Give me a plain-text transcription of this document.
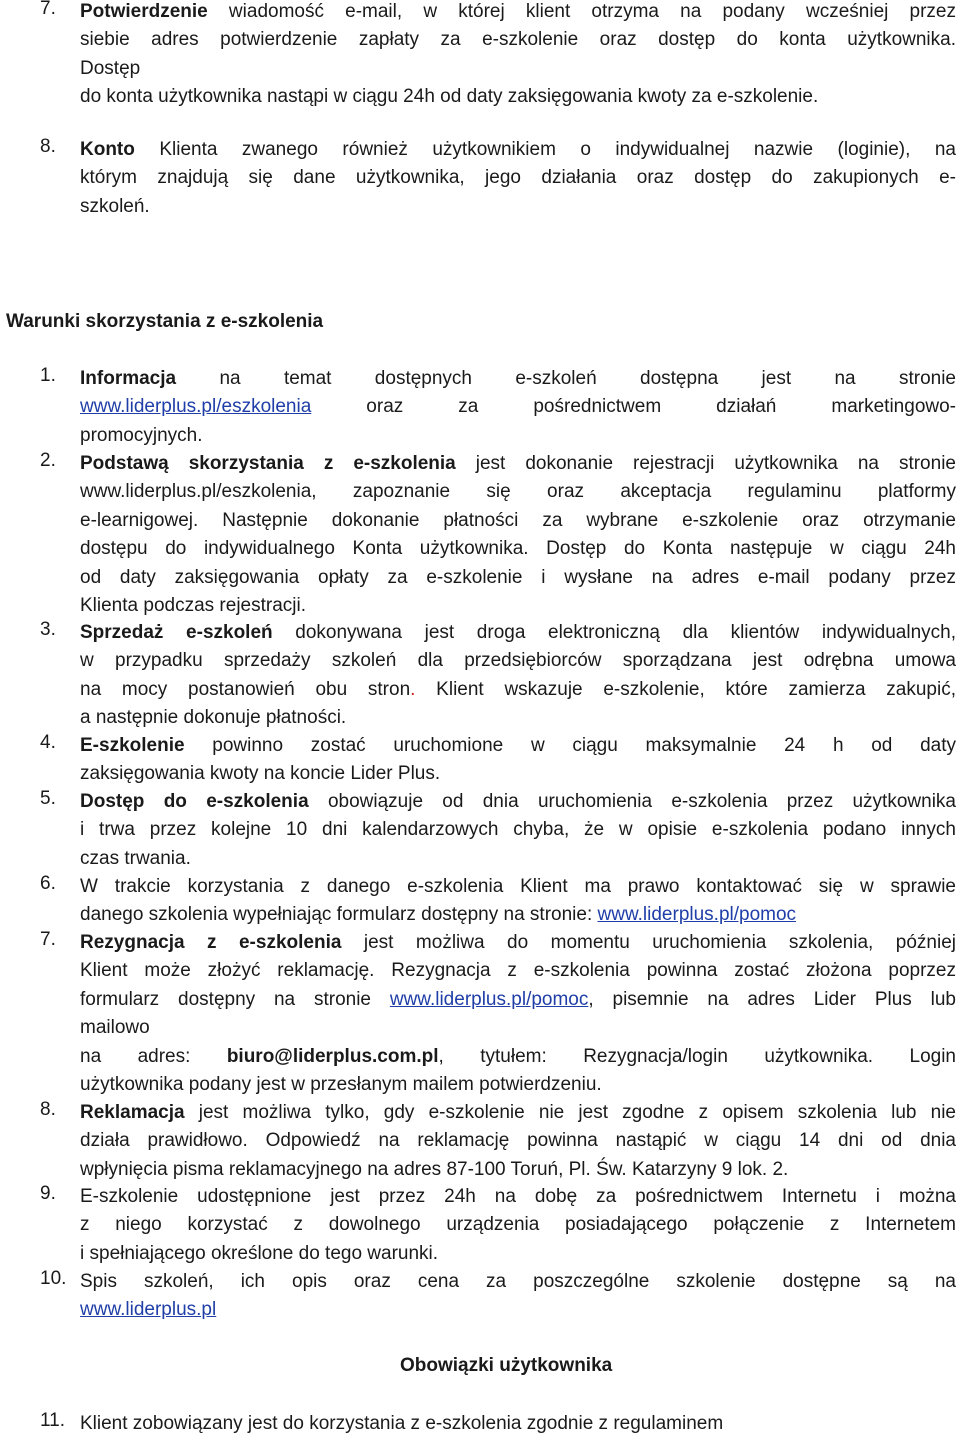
7.	Potwierdzenie wiadomość e-mail, w której klient otrzyma na podany wcześniej przez
siebie adres potwierdzenie zapłaty za e-szkolenie oraz dostęp do konta użytkownika.
Dostęp
do konta użytkownika nastąpi w ciągu 24h od daty zaksięgowania kwoty za e-szkolenie.
8.	Konto Klienta zwanego również użytkownikiem o indywidualnej nazwie (loginie), na
którym znajdują się dane użytkownika, jego działania oraz dostęp do zakupionych e-
szkoleń.
Warunki skorzystania z e-szkolenia
1.	Informacja na temat dostępnych e-szkoleń dostępna jest na stronie
www.liderplus.pl/eszkolenia oraz za pośrednictwem działań marketingowo-
promocyjnych.
2.	Podstawą skorzystania z e-szkolenia jest dokonanie rejestracji użytkownika na stronie
www.liderplus.pl/eszkolenia, zapoznanie się oraz akceptacja regulaminu platformy
e-learnigowej. Następnie dokonanie płatności za wybrane e-szkolenie oraz otrzymanie
dostępu do indywidualnego Konta użytkownika. Dostęp do Konta następuje w ciągu 24h
od daty zaksięgowania opłaty za e-szkolenie i wysłane na adres e-mail podany przez
Klienta podczas rejestracji.
3.	Sprzedaż e-szkoleń dokonywana jest droga elektroniczną dla klientów indywidualnych,
w przypadku sprzedaży szkoleń dla przedsiębiorców sporządzana jest odrębna umowa
na mocy postanowień obu stron. Klient wskazuje e-szkolenie, które zamierza zakupić,
a następnie dokonuje płatności.
4.	E-szkolenie powinno zostać uruchomione w ciągu maksymalnie 24 h od daty
zaksięgowania kwoty na koncie Lider Plus.
5.	Dostęp do e-szkolenia obowiązuje od dnia uruchomienia e-szkolenia przez użytkownika
i trwa przez kolejne 10 dni kalendarzowych chyba, że w opisie e-szkolenia podano innych
czas trwania.
6.	W trakcie korzystania z danego e-szkolenia Klient ma prawo kontaktować się w sprawie
danego szkolenia wypełniając formularz dostępny na stronie: www.liderplus.pl/pomoc
7.	Rezygnacja z e-szkolenia jest możliwa do momentu uruchomienia szkolenia, później
Klient może złożyć reklamację. Rezygnacja z e-szkolenia powinna zostać złożona poprzez
formularz dostępny na stronie www.liderplus.pl/pomoc, pisemnie na adres Lider Plus lub
mailowo
na adres: biuro@liderplus.com.pl, tytułem: Rezygnacja/login użytkownika. Login
użytkownika podany jest w przesłanym mailem potwierdzeniu.
8.	Reklamacja jest możliwa tylko, gdy e-szkolenie nie jest zgodne z opisem szkolenia lub nie
działa prawidłowo. Odpowiedź na reklamację powinna nastąpić w ciągu 14 dni od dnia
wpłynięcia pisma reklamacyjnego na adres 87-100 Toruń, Pl. Św. Katarzyny 9 lok. 2.
9.	E-szkolenie udostępnione jest przez 24h na dobę za pośrednictwem Internetu i można
z niego korzystać z dowolnego urządzenia posiadającego połączenie z Internetem
i spełniającego określone do tego warunki.
10. Spis szkoleń, ich opis oraz cena za poszczególne szkolenie dostępne są na
www.liderplus.pl
Obowiązki użytkownika
11. Klient zobowiązany jest do korzystania z e-szkolenia zgodnie z regulaminem
